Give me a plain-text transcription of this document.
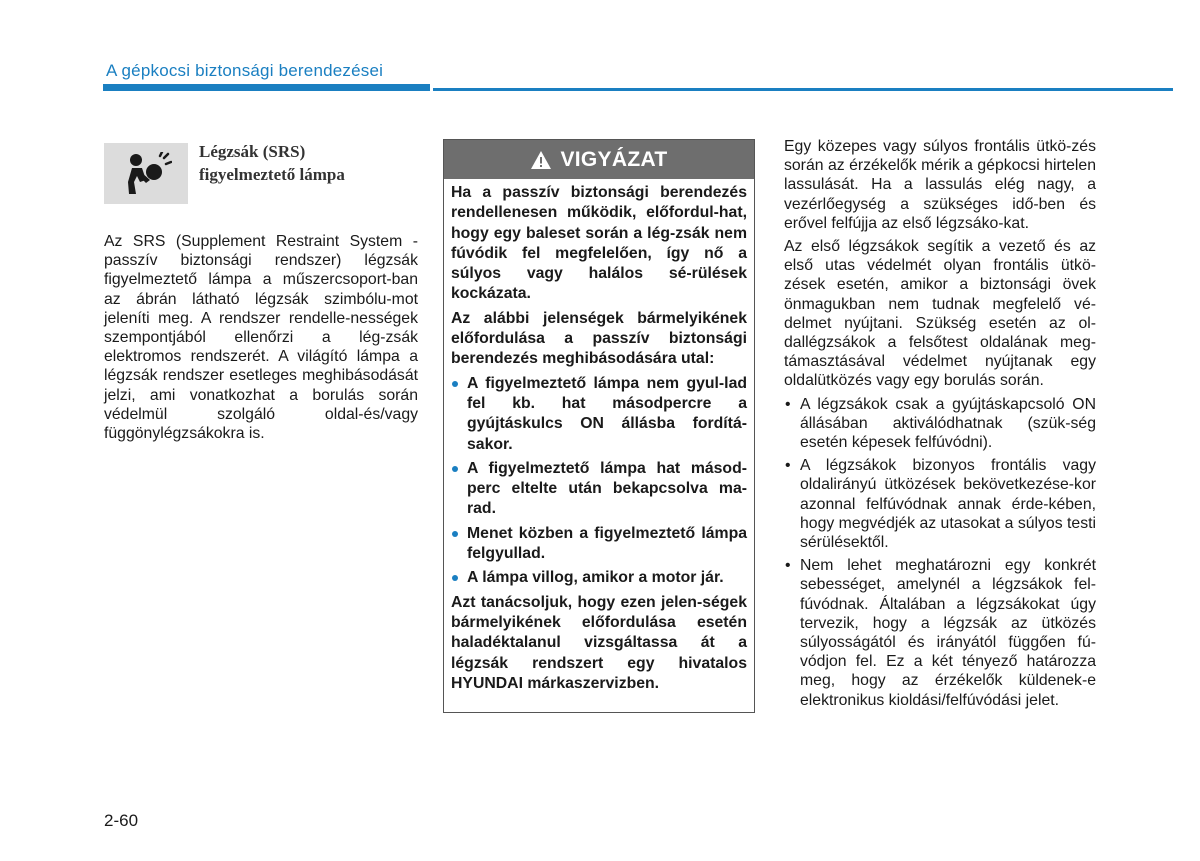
A gépkocsi biztonsági berendezései
Légzsák (SRS)
figyelmeztető lámpa

Az SRS (Supplement Restraint System - passzív biztonsági rendszer) légzsák figyelmeztető lámpa a műszercsoport-ban az ábrán látható légzsák szimbólu-mot jeleníti meg. A rendszer rendelle-nességek szempontjából ellenőrzi a lég-zsák elektromos rendszerét. A világító lámpa a légzsák rendszer esetleges meghibásodását jelzi, ami vonatkozhat a borulás során védelmül szolgáló oldal-és/vagy függönylégzsákokra is.

VIGYÁZAT

Ha a passzív biztonsági berendezés rendellenesen működik, előfordul-hat, hogy egy baleset során a lég-zsák nem fúvódik fel megfelelően, így nő a súlyos vagy halálos sé-rülések kockázata.

Az alábbi jelenségek bármelyikének előfordulása a passzív biztonsági berendezés meghibásodására utal:

A figyelmeztető lámpa nem gyul-lad fel kb. hat másodpercre a gyújtáskulcs ON állásba fordítá-sakor.
A figyelmeztető lámpa hat másod-perc eltelte után bekapcsolva ma-rad.
Menet közben a figyelmeztető lámpa felgyullad.
A lámpa villog, amikor a motor jár.

Azt tanácsoljuk, hogy ezen jelen-ségek bármelyikének előfordulása esetén haladéktalanul vizsgáltassa át a légzsák rendszert egy hivatalos HYUNDAI márkaszervizben.

Egy közepes vagy súlyos frontális ütkö-zés során az érzékelők mérik a gépkocsi hirtelen lassulását. Ha a lassulás elég nagy, a vezérlőegység a szükséges idő-ben és erővel felfújja az első légzsáko-kat.

Az első légzsákok segítik a vezető és az első utas védelmét olyan frontális ütkö-zések esetén, amikor a biztonsági övek önmagukban nem tudnak megfelelő vé-delmet nyújtani. Szükség esetén az ol-dallégzsákok a felsőtest oldalának meg-támasztásával védelmet nyújtanak egy oldalütközés vagy egy borulás során.

• A légzsákok csak a gyújtáskapcsoló ON állásában aktiválódhatnak (szük-ség esetén képesek felfúvódni).
• A légzsákok bizonyos frontális vagy oldalirányú ütközések bekövetkezése-kor azonnal felfúvódnak annak érde-kében, hogy megvédjék az utasokat a súlyos testi sérülésektől.
• Nem lehet meghatározni egy konkrét sebességet, amelynél a légzsákok fel-fúvódnak. Általában a légzsákokat úgy tervezik, hogy a légzsák az ütközés súlyosságától és irányától függően fú-vódjon fel. Ez a két tényező határozza meg, hogy az érzékelők küldenek-e elektronikus kioldási/felfúvódási jelet.
2-60
